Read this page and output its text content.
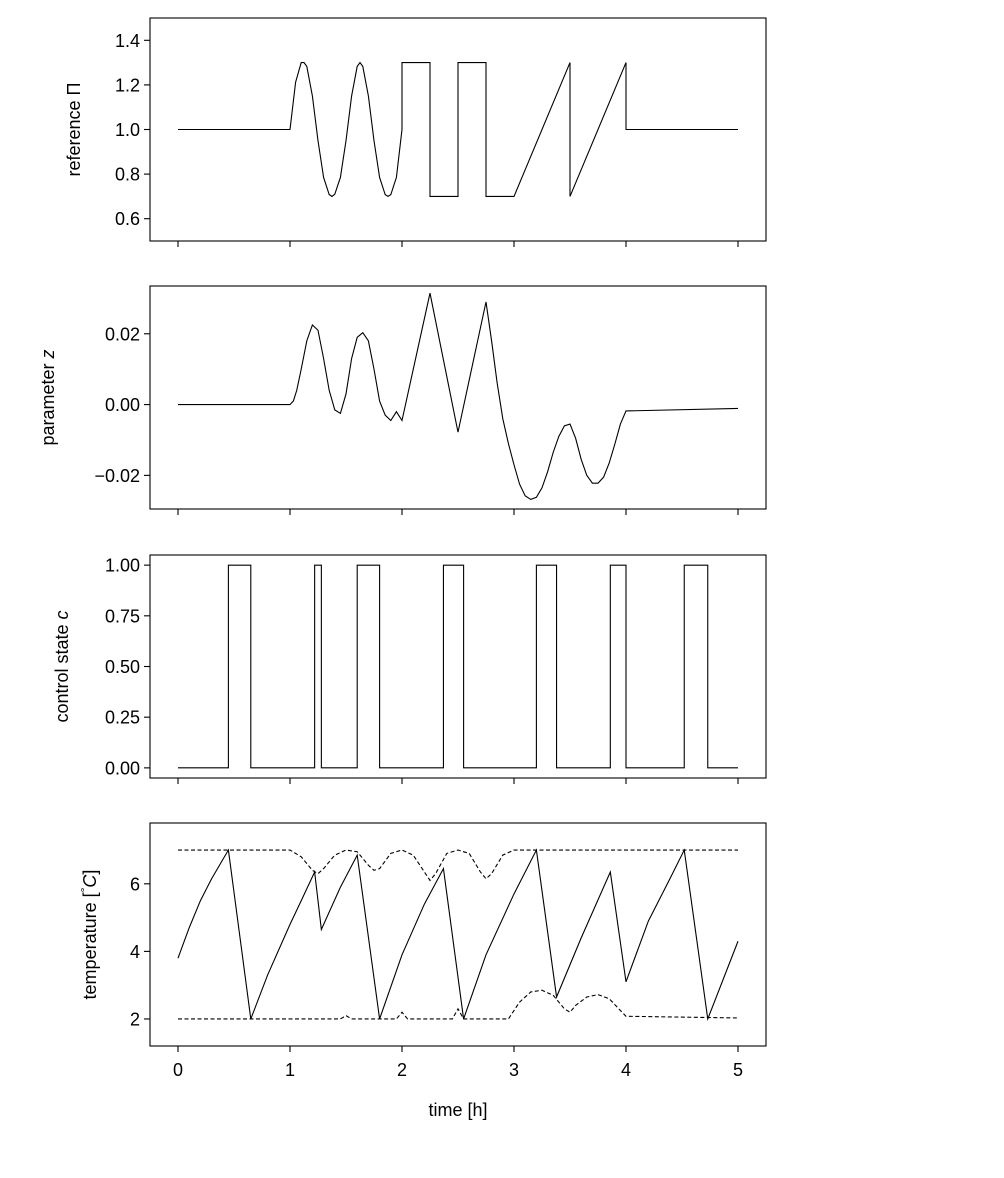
0.6
0.8
1.0
1.2
1.4
reference Π
−0.02
0.00
0.02
parameter z
0.00
0.25
0.50
0.75
1.00
control state c
2
4
6
0	1	2	3	4	5
temperature [°C]
time [h]
